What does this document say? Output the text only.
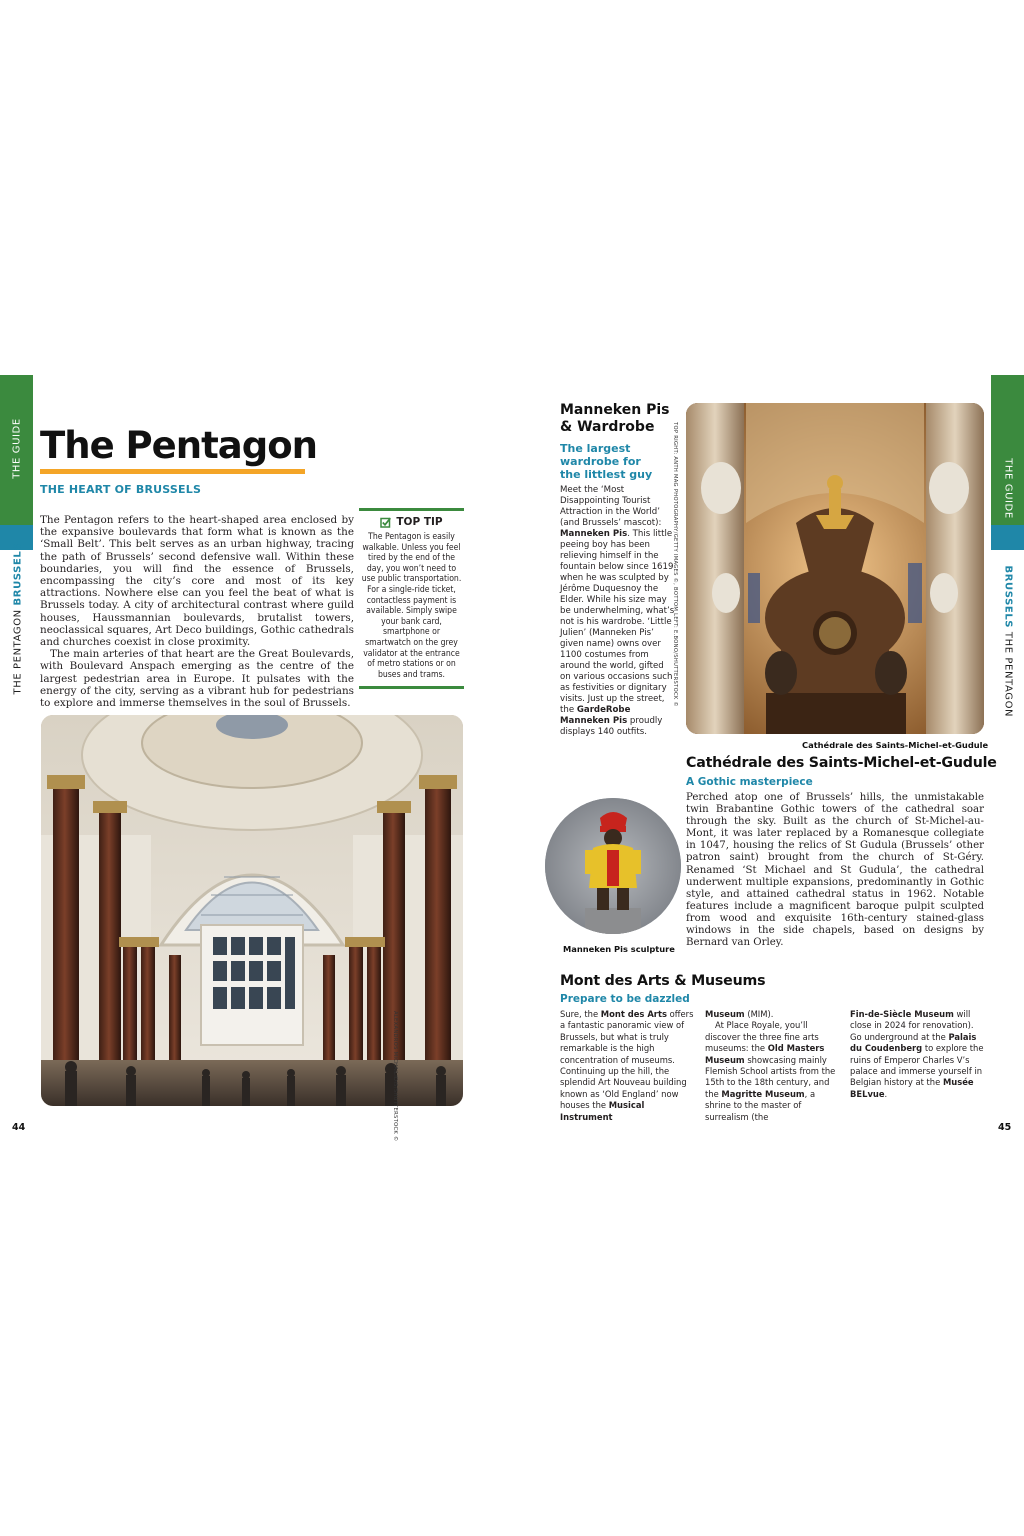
THE GUIDE
THE PENTAGON BRUSSELS
The Pentagon
THE HEART OF BRUSSELS

The Pentagon refers to the heart-shaped area enclosed by the expansive boulevards that form what is known as the ‘Small Belt’. This belt serves as an urban highway, tracing the path of Brussels’ second defensive wall. Within these boundaries, you will find the essence of Brussels, encompassing the city’s core and most of its key attractions. Nowhere else can you feel the beat of what is Brussels today. A city of architectural contrast where guild houses, Haussmannian boulevards, brutalist towers, neoclassical squares, Art Deco buildings, Gothic cathedrals and churches coexist in close proximity.

The main arteries of that heart are the Great Boulevards, with Boulevard Anspach emerging as the centre of the largest pedestrian area in Europe. It pulsates with the energy of the city, serving as a vibrant hub for pedestrians to explore and immerse themselves in the soul of Brussels.

TOP TIP
The Pentagon is easily walkable. Unless you feel tired by the end of the day, you won’t need to use public transportation. For a single-ride ticket, contactless payment is available. Simply swipe your bank card, smartphone or smartwatch on the grey validator at the entrance of metro stations or on buses and trams.
ALEXANDROS MICHAILIDIS/SHUTTERSTOCK ©
44
THE GUIDE
BRUSSELS THE PENTAGON
Manneken Pis & Wardrobe
The largest wardrobe for the littlest guy

Meet the ‘Most Disappointing Tourist Attraction in the World’ (and Brussels’ mascot): Manneken Pis. This little peeing boy has been relieving himself in the fountain below since 1619 when he was sculpted by Jérôme Duquesnoy the Elder. While his size may be underwhelming, what’s not is his wardrobe. ‘Little Julien’ (Manneken Pis’ given name) owns over 1100 costumes from around the world, gifted on various occasions such as festivities or dignitary visits. Just up the street, the GardeRobe Manneken Pis proudly displays 140 outfits.

TOP RIGHT: ANTH MAG PHOTOGRAPHY/GETTY IMAGES ©, BOTTOM LEFT: E.BONO/SHUTTERSTOCK ©
Cathédrale des Saints-Michel-et-Gudule
Manneken Pis sculpture
Cathédrale des Saints-Michel-et-Gudule
A Gothic masterpiece

Perched atop one of Brussels’ hills, the unmistakable twin Brabantine Gothic towers of the cathedral soar through the sky. Built as the church of St-Michel-au-Mont, it was later replaced by a Romanesque collegiate in 1047, housing the relics of St Gudula (Brussels’ other patron saint) brought from the church of St-Géry. Renamed ‘St Michael and St Gudula’, the cathedral underwent multiple expansions, predominantly in Gothic style, and attained cathedral status in 1962. Notable features include a magnificent baroque pulpit sculpted from wood and exquisite 16th-century stained-glass windows in the side chapels, based on designs by Bernard van Orley.

Mont des Arts & Museums
Prepare to be dazzled

Sure, the Mont des Arts offers a fantastic panoramic view of Brussels, but what is truly remarkable is the high concentration of museums. Continuing up the hill, the splendid Art Nouveau building known as ‘Old England’ now houses the Musical Instrument

Museum (MIM).

At Place Royale, you’ll discover the three fine arts museums: the Old Masters Museum showcasing mainly Flemish School artists from the 15th to the 18th century, and the Magritte Museum, a shrine to the master of surrealism (the

Fin-de-Siècle Museum will close in 2024 for renovation). Go underground at the Palais du Coudenberg to explore the ruins of Emperor Charles V’s palace and immerse yourself in Belgian history at the Musée BELvue.

45
